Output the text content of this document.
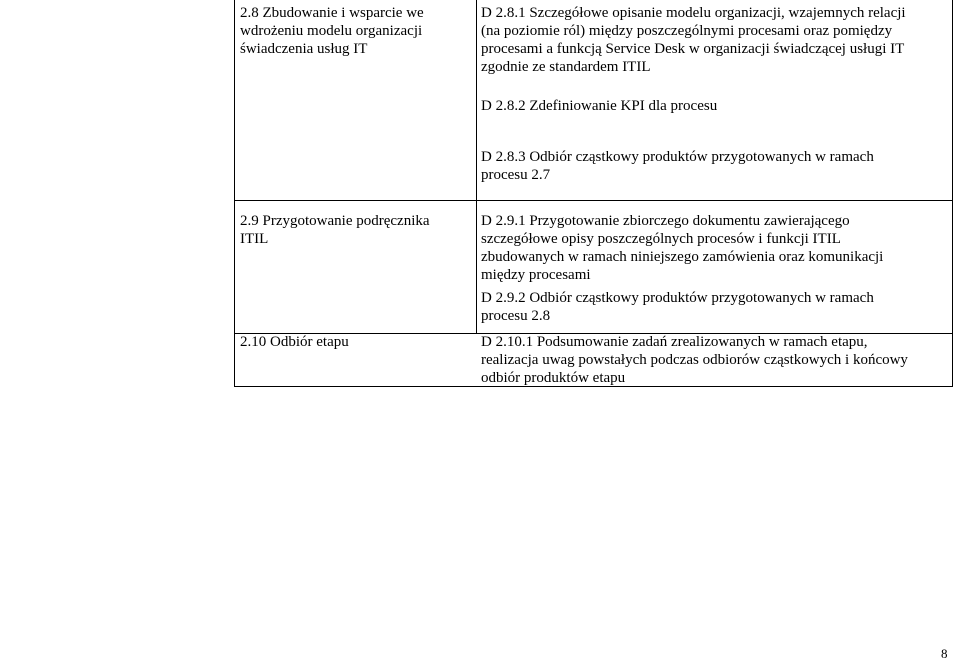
2.8 Zbudowanie i wsparcie we
wdrożeniu modelu organizacji
świadczenia usług IT
D 2.8.1 Szczegółowe opisanie modelu organizacji, wzajemnych relacji
(na poziomie ról) między poszczególnymi procesami oraz pomiędzy
procesami a funkcją Service Desk w organizacji świadczącej usługi IT
zgodnie ze standardem ITIL
D 2.8.2 Zdefiniowanie KPI dla procesu
D 2.8.3 Odbiór cząstkowy produktów przygotowanych w ramach
procesu 2.7
2.9 Przygotowanie podręcznika
ITIL
D 2.9.1 Przygotowanie zbiorczego dokumentu zawierającego
szczegółowe opisy poszczególnych procesów i funkcji ITIL
zbudowanych w ramach niniejszego zamówienia oraz komunikacji
między procesami
D 2.9.2 Odbiór cząstkowy produktów przygotowanych w ramach
procesu 2.8
2.10 Odbiór etapu	D 2.10.1 Podsumowanie zadań zrealizowanych w ramach etapu,
realizacja uwag powstałych podczas odbiorów cząstkowych i końcowy
odbiór produktów etapu
8
